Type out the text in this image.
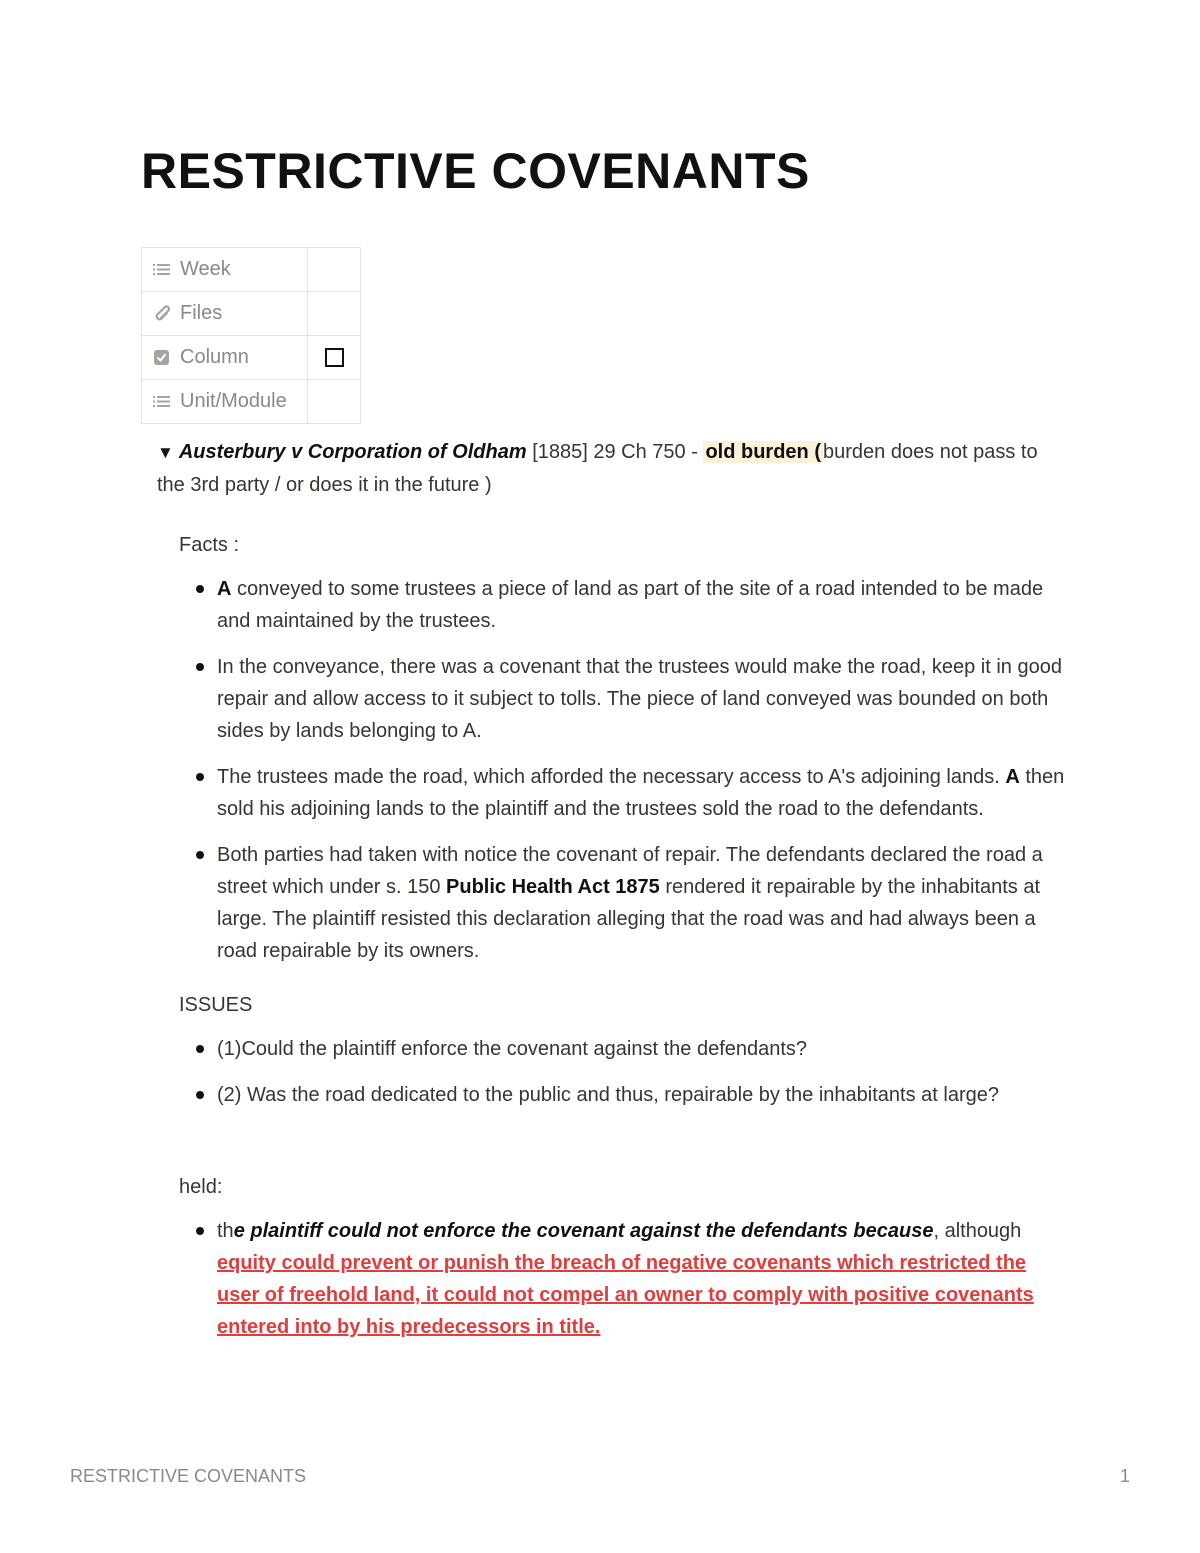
RESTRICTIVE COVENANTS
Week	

Files	

Column	

Unit/Module	

▼ Austerbury v Corporation of Oldham [1885] 29 Ch 750 - old burden ( burden does not pass to the 3rd party / or does it in the future )

Facts :

A conveyed to some trustees a piece of land as part of the site of a road intended to be made and maintained by the trustees.
In the conveyance, there was a covenant that the trustees would make the road, keep it in good repair and allow access to it subject to tolls. The piece of land conveyed was bounded on both sides by lands belonging to A.
The trustees made the road, which afforded the necessary access to A's adjoining lands. A then sold his adjoining lands to the plaintiff and the trustees sold the road to the defendants.
Both parties had taken with notice the covenant of repair. The defendants declared the road a street which under s. 150 Public Health Act 1875 rendered it repairable by the inhabitants at large. The plaintiff resisted this declaration alleging that the road was and had always been a road repairable by its owners.

ISSUES

(1)Could the plaintiff enforce the covenant against the defendants?
(2) Was the road dedicated to the public and thus, repairable by the inhabitants at large?

held:

the plaintiff could not enforce the covenant against the defendants because, although equity could prevent or punish the breach of negative covenants which restricted the user of freehold land, it could not compel an owner to comply with positive covenants entered into by his predecessors in title.
RESTRICTIVE COVENANTS	1
